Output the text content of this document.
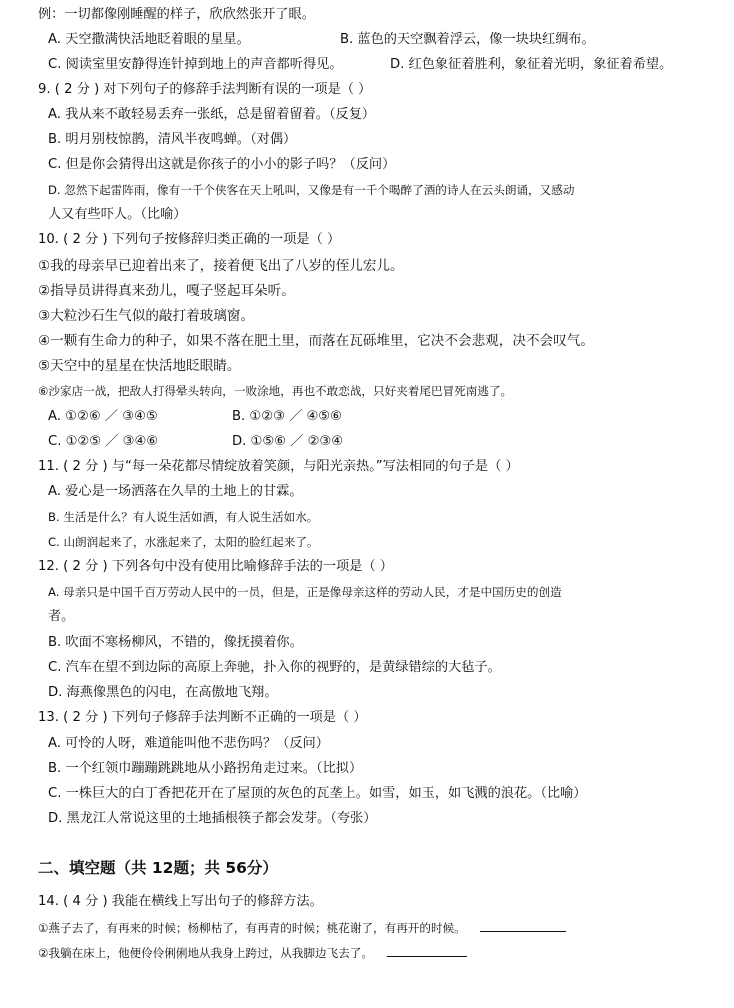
例：一切都像刚睡醒的样子，欣欣然张开了眼。
A. 天空撒满快活地眨着眼的星星。	B. 蓝色的天空飘着浮云，像一块块红绸布。
C. 阅读室里安静得连针掉到地上的声音都听得见。	D. 红色象征着胜利，象征着光明，象征着希望。
9. ( 2 分 ) 对下列句子的修辞手法判断有误的一项是（ ）
A. 我从来不敢轻易丢弃一张纸，总是留着留着。（反复）
B. 明月别枝惊鹊，清风半夜鸣蝉。（对偶）
C. 但是你会猜得出这就是你孩子的小小的影子吗？（反问）
D. 忽然下起雷阵雨，像有一千个侠客在天上吼叫，又像是有一千个喝醉了酒的诗人在云头朗诵，又感动
人又有些吓人。（比喻）
10. ( 2 分 ) 下列句子按修辞归类正确的一项是（ ）
①我的母亲早已迎着出来了，接着便飞出了八岁的侄儿宏儿。
②指导员讲得真来劲儿，嘎子竖起耳朵听。
③大粒沙石生气似的敲打着玻璃窗。
④一颗有生命力的种子，如果不落在肥土里，而落在瓦砾堆里，它决不会悲观，决不会叹气。
⑤天空中的星星在快活地眨眼睛。
⑥沙家店一战，把敌人打得晕头转向，一败涂地，再也不敢恋战，只好夹着尾巴冒死南逃了。
A. ①②⑥ ／ ③④⑤	B. ①②③ ／ ④⑤⑥
C. ①②⑤ ／ ③④⑥	D. ①⑤⑥ ／ ②③④
11. ( 2 分 ) 与“每一朵花都尽情绽放着笑颜，与阳光亲热。”写法相同的句子是（ ）
A. 爱心是一场洒落在久旱的土地上的甘霖。
B. 生活是什么？有人说生活如酒，有人说生活如水。
C. 山朗润起来了，水涨起来了，太阳的脸红起来了。
12. ( 2 分 ) 下列各句中没有使用比喻修辞手法的一项是（ ）
A. 母亲只是中国千百万劳动人民中的一员，但是，正是像母亲这样的劳动人民，才是中国历史的创造
者。
B. 吹面不寒杨柳风，不错的，像抚摸着你。
C. 汽车在望不到边际的高原上奔驰，扑入你的视野的，是黄绿错综的大毡子。
D. 海燕像黑色的闪电，在高傲地飞翔。
13. ( 2 分 ) 下列句子修辞手法判断不正确的一项是（ ）
A. 可怜的人呀，难道能叫他不悲伤吗？（反问）
B. 一个红领巾蹦蹦跳跳地从小路拐角走过来。（比拟）
C. 一株巨大的白丁香把花开在了屋顶的灰色的瓦垄上。如雪，如玉，如飞溅的浪花。（比喻）
D. 黑龙江人常说这里的土地插根筷子都会发芽。（夸张）
二、填空题（共 12题；共 56分）
14. ( 4 分 ) 我能在横线上写出句子的修辞方法。
①燕子去了，有再来的时候；杨柳枯了，有再青的时候；桃花谢了，有再开的时候。
②我躺在床上，他便伶伶俐俐地从我身上跨过，从我脚边飞去了。
